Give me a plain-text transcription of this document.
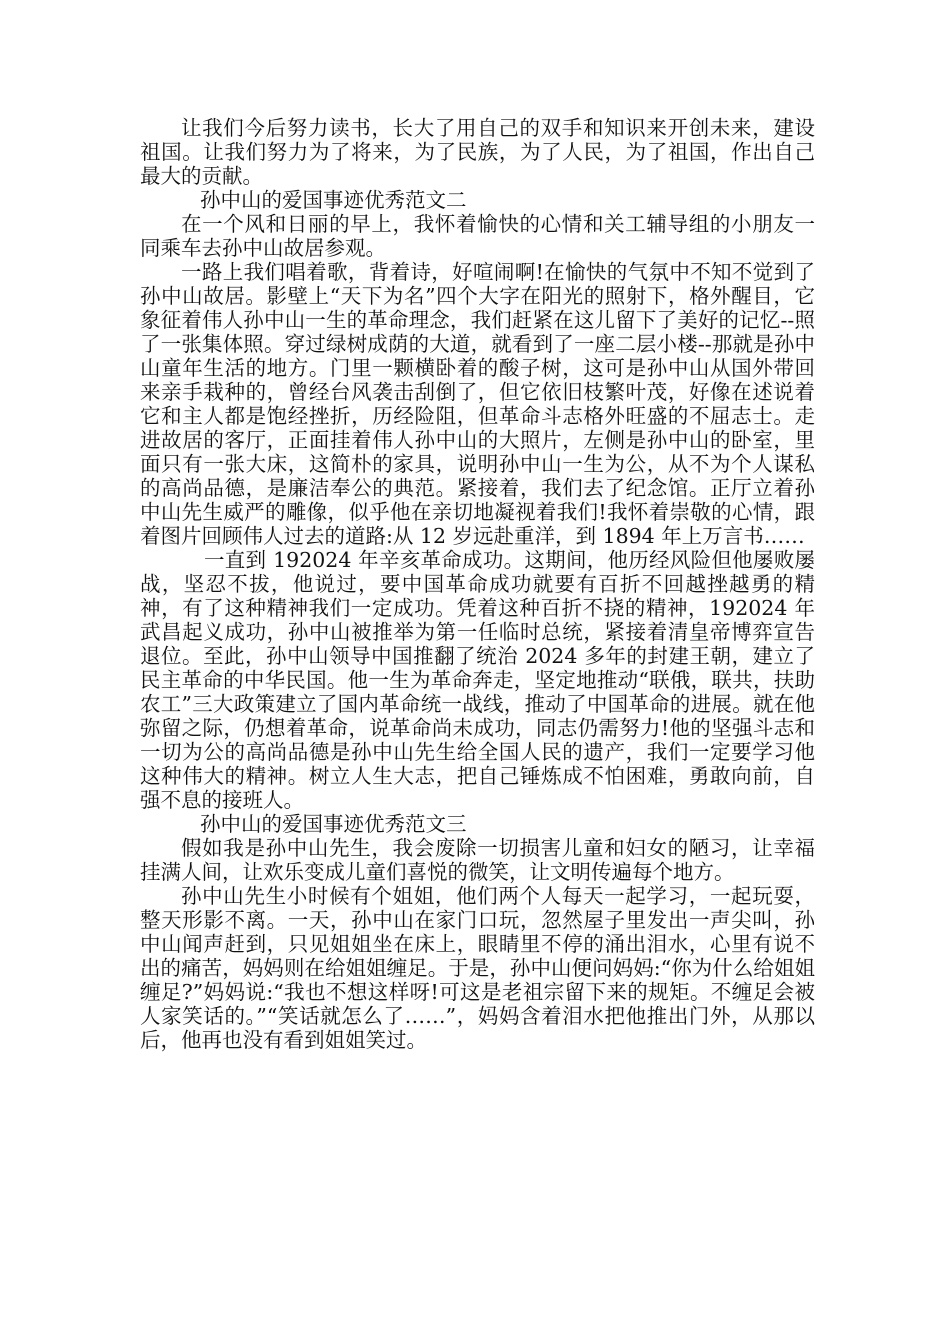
让我们今后努力读书，长大了用自己的双手和知识来开创未来，建设祖国。让我们努力为了将来，为了民族，为了人民，为了祖国，作出自己最大的贡献。

孙中山的爱国事迹优秀范文二

在一个风和日丽的早上，我怀着愉快的心情和关工辅导组的小朋友一同乘车去孙中山故居参观。

一路上我们唱着歌，背着诗，好喧闹啊!在愉快的气氛中不知不觉到了孙中山故居。影壁上“天下为名”四个大字在阳光的照射下，格外醒目，它象征着伟人孙中山一生的革命理念，我们赶紧在这儿留下了美好的记忆--照了一张集体照。穿过绿树成荫的大道，就看到了一座二层小楼--那就是孙中山童年生活的地方。门里一颗横卧着的酸子树，这可是孙中山从国外带回来亲手栽种的，曾经台风袭击刮倒了，但它依旧枝繁叶茂，好像在述说着它和主人都是饱经挫折，历经险阻，但革命斗志格外旺盛的不屈志士。走进故居的客厅，正面挂着伟人孙中山的大照片，左侧是孙中山的卧室，里面只有一张大床，这简朴的家具，说明孙中山一生为公，从不为个人谋私的高尚品德，是廉洁奉公的典范。紧接着，我们去了纪念馆。正厅立着孙中山先生威严的雕像，似乎他在亲切地凝视着我们!我怀着崇敬的心情，跟着图片回顾伟人过去的道路:从 12 岁远赴重洋，到 1894 年上万言书……

一直到 192024 年辛亥革命成功。这期间，他历经风险但他屡败屡战，坚忍不拔，他说过，要中国革命成功就要有百折不回越挫越勇的精神，有了这种精神我们一定成功。凭着这种百折不挠的精神，192024 年武昌起义成功，孙中山被推举为第一任临时总统，紧接着清皇帝博弈宣告退位。至此，孙中山领导中国推翻了统治 2024 多年的封建王朝，建立了民主革命的中华民国。他一生为革命奔走，坚定地推动“联俄，联共，扶助农工”三大政策建立了国内革命统一战线，推动了中国革命的进展。就在他弥留之际，仍想着革命，说革命尚未成功，同志仍需努力!他的坚强斗志和一切为公的高尚品德是孙中山先生给全国人民的遗产，我们一定要学习他这种伟大的精神。树立人生大志，把自己锤炼成不怕困难，勇敢向前，自强不息的接班人。

孙中山的爱国事迹优秀范文三

假如我是孙中山先生，我会废除一切损害儿童和妇女的陋习，让幸福挂满人间，让欢乐变成儿童们喜悦的微笑，让文明传遍每个地方。

孙中山先生小时候有个姐姐，他们两个人每天一起学习，一起玩耍，整天形影不离。一天，孙中山在家门口玩，忽然屋子里发出一声尖叫，孙中山闻声赶到，只见姐姐坐在床上，眼睛里不停的涌出泪水，心里有说不出的痛苦，妈妈则在给姐姐缠足。于是，孙中山便问妈妈:“你为什么给姐姐缠足?”妈妈说:“我也不想这样呀!可这是老祖宗留下来的规矩。不缠足会被人家笑话的。”“笑话就怎么了……”，妈妈含着泪水把他推出门外，从那以后，他再也没有看到姐姐笑过。
